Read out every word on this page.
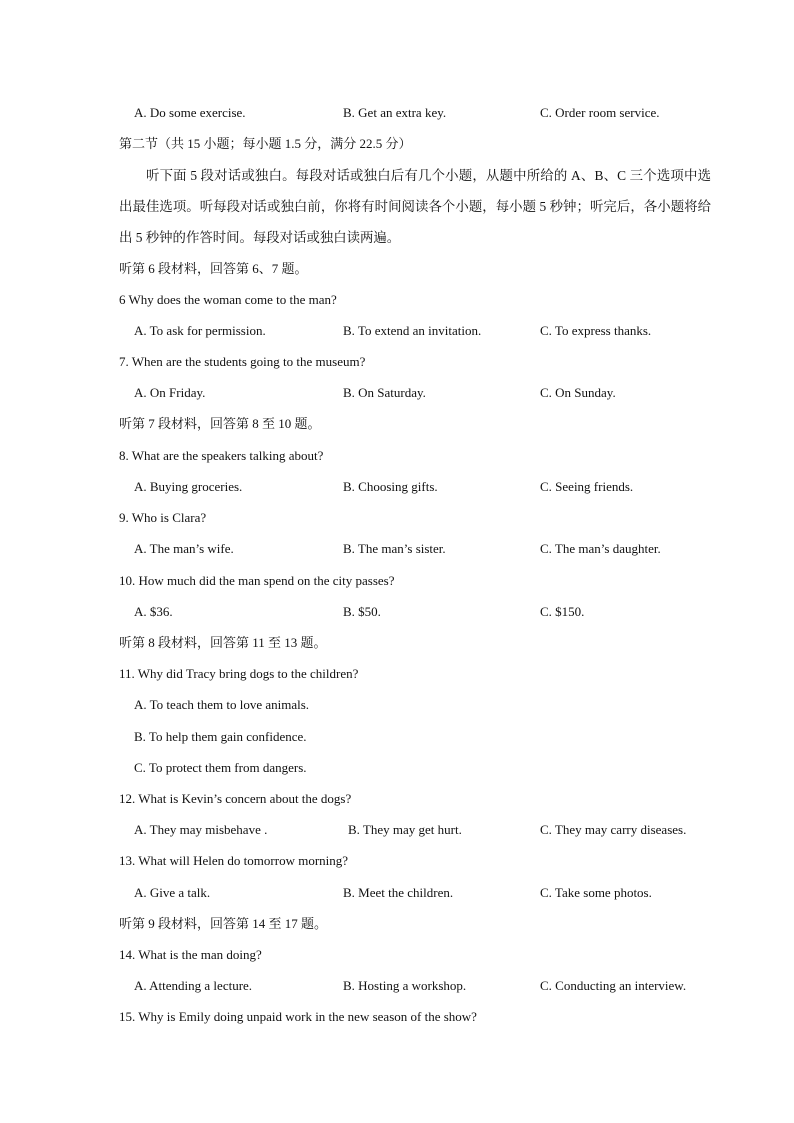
A. Do some exercise.	B. Get an extra key.	C. Order room service.
第二节（共 15 小题；每小题 1.5 分，满分 22.5 分）
听下面 5 段对话或独白。每段对话或独白后有几个小题，从题中所给的 A、B、C 三个选项中选出最佳选项。听每段对话或独白前，你将有时间阅读各个小题，每小题 5 秒钟；听完后，各小题将给出 5 秒钟的作答时间。每段对话或独白读两遍。
听第 6 段材料，回答第 6、7 题。
6 Why does the woman come to the man?
A. To ask for permission.	B. To extend an invitation.	C. To express thanks.
7. When are the students going to the museum?
A. On Friday.	B. On Saturday.	C. On Sunday.
听第 7 段材料，回答第 8 至 10 题。
8. What are the speakers talking about?
A. Buying groceries.	B. Choosing gifts.	C. Seeing friends.
9. Who is Clara?
A. The man’s wife.	B. The man’s sister.	C. The man’s daughter.
10. How much did the man spend on the city passes?
A. $36.	B. $50.	C. $150.
听第 8 段材料，回答第 11 至 13 题。
11. Why did Tracy bring dogs to the children?
A. To teach them to love animals.
B. To help them gain confidence.
C. To protect them from dangers.
12. What is Kevin’s concern about the dogs?
A. They may misbehave .	B. They may get hurt.	C. They may carry diseases.
13. What will Helen do tomorrow morning?
A. Give a talk.	B. Meet the children.	C. Take some photos.
听第 9 段材料，回答第 14 至 17 题。
14. What is the man doing?
A. Attending a lecture.	B. Hosting a workshop.	C. Conducting an interview.
15. Why is Emily doing unpaid work in the new season of the show?
